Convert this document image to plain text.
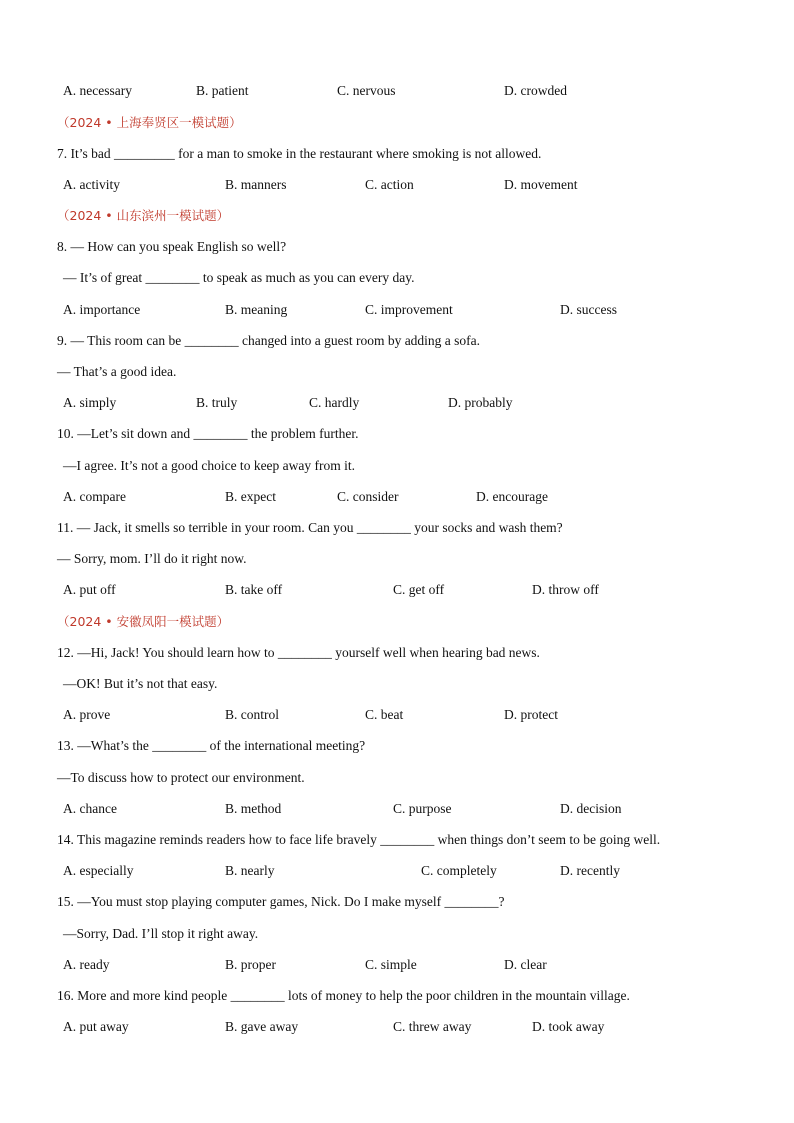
A. necessary	B. patient	C. nervous	D. crowded
（2024 • 上海奉贤区一模试题）
7. It’s bad _________ for a man to smoke in the restaurant where smoking is not allowed.
A. activity	B. manners	C. action	D. movement
（2024 • 山东滨州一模试题）
8. — How can you speak English so well?
— It’s of great ________ to speak as much as you can every day.
A. importance	B. meaning	C. improvement	D. success
9. — This room can be ________ changed into a guest room by adding a sofa.
— That’s a good idea.
A. simply	B. truly	C. hardly	D. probably
10. —Let’s sit down and ________ the problem further.
—I agree. It’s not a good choice to keep away from it.
A. compare	B. expect	C. consider	D. encourage
11. — Jack, it smells so terrible in your room. Can you ________ your socks and wash them?
— Sorry, mom. I’ll do it right now.
A. put off	B. take off	C. get off	D. throw off
（2024 • 安徽凤阳一模试题）
12. —Hi, Jack! You should learn how to ________ yourself well when hearing bad news.
—OK! But it’s not that easy.
A. prove	B. control	C. beat	D. protect
13. —What’s the ________ of the international meeting?
—To discuss how to protect our environment.
A. chance	B. method	C. purpose	D. decision
14. This magazine reminds readers how to face life bravely ________ when things don’t seem to be going well.
A. especially	B. nearly	C. completely	D. recently
15. —You must stop playing computer games, Nick. Do I make myself ________?
—Sorry, Dad. I’ll stop it right away.
A. ready	B. proper	C. simple	D. clear
16. More and more kind people ________ lots of money to help the poor children in the mountain village.
A. put away	B. gave away	C. threw away	D. took away
